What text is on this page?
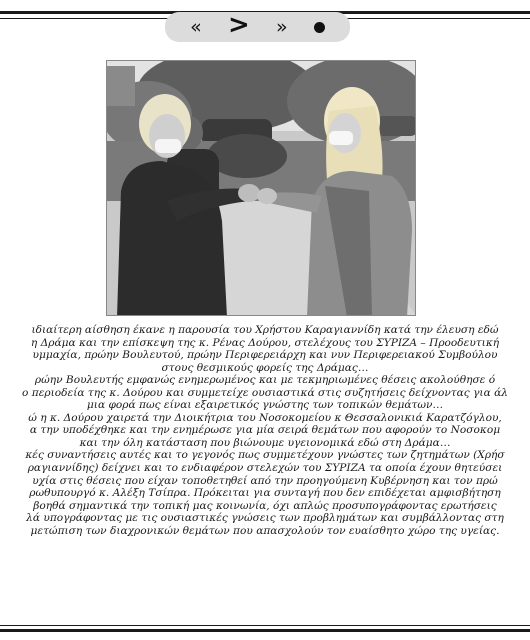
« > »

ιδιαίτερη αίσθηση έκανε η παρουσία του Χρήστου Καραγιαννίδη κατά την έλευση εδώ

η Δράμα και την επίσκεψη της κ. Ρένας Δούρου, στελέχους του ΣΥΡΙΖΑ – Προοδευτική

υμμαχία, πρώην Βουλευτού, πρώην Περιφερειάρχη και νυν Περιφερειακού Συμβούλου

στους θεσμικούς φορείς της Δράμας…

ρώην Βουλευτής εμφανώς ενημερωμένος και με τεκμηριωμένες θέσεις ακολούθησε ό

ο περιοδεία της κ. Δούρου και συμμετείχε ουσιαστικά στις συζητήσεις δείχνοντας για άλ

μια φορά πως είναι εξαιρετικός γνώστης των τοπικών θεμάτων…

ώ η κ. Δούρου χαιρετά την Διοικήτρια του Νοσοκομείου κ Θεσσαλονικιά Καρατζόγλου,

α την υποδέχθηκε και την ενημέρωσε για μία σειρά θεμάτων που αφορούν το Νοσοκομ

και την όλη κατάσταση που βιώνουμε υγειονομικά εδώ στη Δράμα…

κές συναντήσεις αυτές και το γεγονός πως συμμετέχουν γνώστες των ζητημάτων (Χρήσ

ραγιαννίδης) δείχνει και το ενδιαφέρον στελεχών του ΣΥΡΙΖΑ τα οποία έχουν θητεύσει

υχία στις θέσεις που είχαν τοποθετηθεί από την προηγούμενη Κυβέρνηση και τον πρώ

ρωθυπουργό κ. Αλέξη Τσίπρα. Πρόκειται για συνταγή που δεν επιδέχεται αμφισβήτηση

βοηθά σημαντικά την τοπική μας κοινωνία, όχι απλώς προσυπογράφοντας ερωτήσεις

λά υπογράφοντας με τις ουσιαστικές γνώσεις των προβλημάτων και συμβάλλοντας στη

μετώπιση των διαχρονικών θεμάτων που απασχολούν τον ευαίσθητο χώρο της υγείας.
